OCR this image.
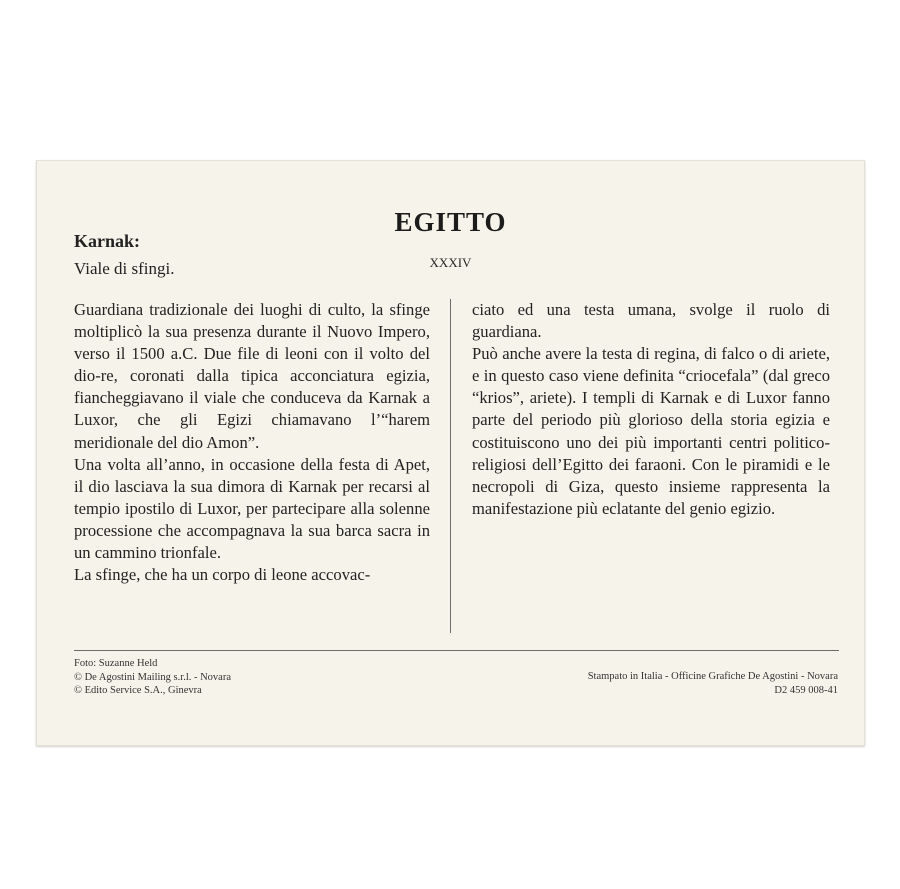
EGITTO
XXXIV
Karnak:
Viale di sfingi.

Guardiana tradizionale dei luoghi di culto, la sfinge moltiplicò la sua presenza durante il Nuovo Impero, verso il 1500 a.C. Due file di leoni con il volto del dio-re, coronati dalla tipica acconciatura egizia, fiancheggiavano il viale che conduceva da Karnak a Luxor, che gli Egizi chiamavano l’“harem meridionale del dio Amon”.

Una volta all’anno, in occasione della festa di Apet, il dio lasciava la sua dimora di Karnak per recarsi al tempio ipostilo di Luxor, per partecipare alla solenne processione che accompagnava la sua barca sacra in un cammino trionfale.

La sfinge, che ha un corpo di leone accovac-

ciato ed una testa umana, svolge il ruolo di guardiana.

Può anche avere la testa di regina, di falco o di ariete, e in questo caso viene definita “criocefala” (dal greco “krios”, ariete). I templi di Karnak e di Luxor fanno parte del periodo più glorioso della storia egizia e costituiscono uno dei più importanti centri politico-religiosi dell’Egitto dei faraoni. Con le piramidi e le necropoli di Giza, questo insieme rappresenta la manifestazione più eclatante del genio egizio.

Foto: Suzanne Held
© De Agostini Mailing s.r.l. - Novara
© Edito Service S.A., Ginevra
Stampato in Italia - Officine Grafiche De Agostini - Novara
D2 459 008-41
